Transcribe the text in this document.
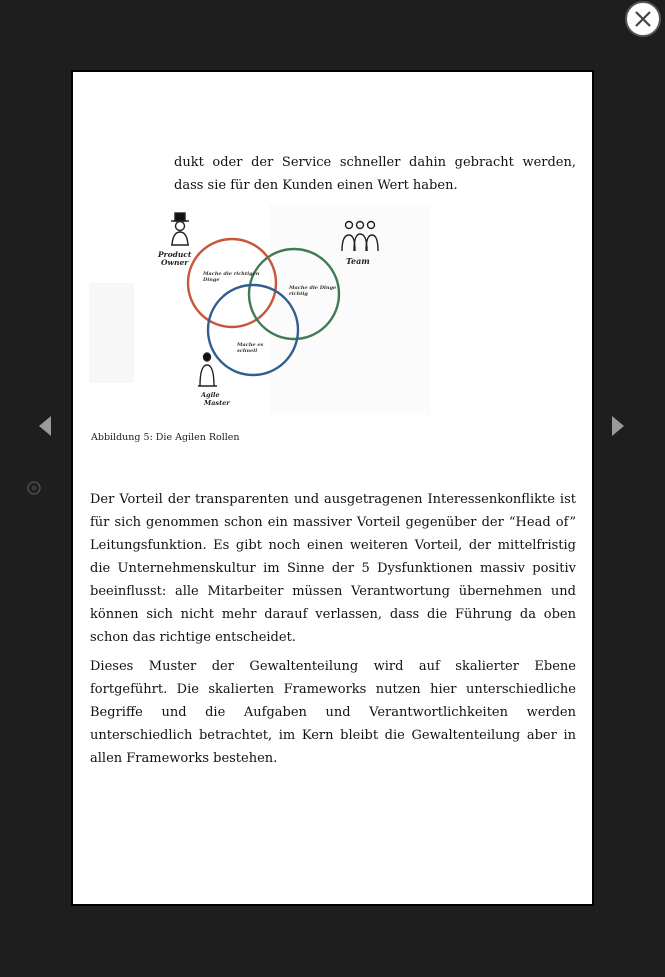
dukt oder der Service schneller dahin gebracht werden, dass sie für den Kunden einen Wert haben.
Mache die richtigen Dinge
Mache die Dinge richtig
Mache es schnell
Product Owner	Team
Agile Master
Abbildung 5: Die Agilen Rollen

Der Vorteil der transparenten und ausgetragenen Interessenkonflikte ist für sich genommen schon ein massiver Vorteil gegenüber der “Head of” Leitungsfunktion. Es gibt noch einen weiteren Vorteil, der mittelfristig die Unternehmenskultur im Sinne der 5 Dysfunktionen massiv positiv beeinflusst: alle Mitarbeiter müssen Verantwortung übernehmen und können sich nicht mehr darauf verlassen, dass die Führung da oben schon das richtige entscheidet.

Dieses Muster der Gewaltenteilung wird auf skalierter Ebene fortgeführt. Die skalierten Frameworks nutzen hier unterschiedliche Begriffe und die Aufgaben und Verantwortlichkeiten werden unterschiedlich betrachtet, im Kern bleibt die Gewaltenteilung aber in allen Frameworks bestehen.
